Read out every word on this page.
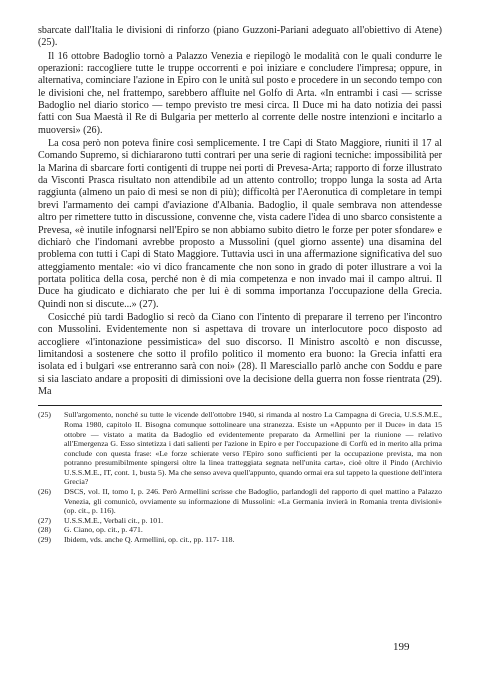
sbarcate dall'Italia le divisioni di rinforzo (piano Guzzoni-Pariani adeguato all'obiettivo di Atene) (25).

Il 16 ottobre Badoglio tornò a Palazzo Venezia e riepilogò le modalità con le quali condurre le operazioni: raccogliere tutte le truppe occorrenti e poi iniziare e concludere l'impresa; oppure, in alternativa, cominciare l'azione in Epiro con le unità sul posto e procedere in un secondo tempo con le divisioni che, nel frattempo, sarebbero affluite nel Golfo di Arta. «In entrambi i casi — scrisse Badoglio nel diario storico — tempo previsto tre mesi circa. Il Duce mi ha dato notizia dei passi fatti con Sua Maestà il Re di Bulgaria per metterlo al corrente delle nostre intenzioni e incitarlo a muoversi» (26).

La cosa però non poteva finire così semplicemente. I tre Capi di Stato Maggiore, riuniti il 17 al Comando Supremo, si dichiararono tutti contrari per una serie di ragioni tecniche: impossibilità per la Marina di sbarcare forti contigenti di truppe nei porti di Prevesa-Arta; rapporto di forze illustrato da Visconti Prasca risultato non attendibile ad un attento controllo; troppo lunga la sosta ad Arta raggiunta (almeno un paio di mesi se non di più); difficoltà per l'Aeronutica di completare in tempi brevi l'armamento dei campi d'aviazione d'Albania. Badoglio, il quale sembrava non attendesse altro per rimettere tutto in discussione, convenne che, vista cadere l'idea di uno sbarco consistente a Prevesa, «è inutile infognarsi nell'Epiro se non abbiamo subito dietro le forze per poter sfondare» e dichiarò che l'indomani avrebbe proposto a Mussolini (quel giorno assente) una disamina del problema con tutti i Capi di Stato Maggiore. Tuttavia uscì in una affermazione significativa del suo atteggiamento mentale: «io vi dico francamente che non sono in grado di poter illustrare a voi la portata politica della cosa, perché non è di mia competenza e non invado mai il campo altrui. Il Duce ha giudicato e dichiarato che per lui è di somma importanza l'occupazione della Grecia. Quindi non si discute...» (27).

Cosicché più tardi Badoglio si recò da Ciano con l'intento di preparare il terreno per l'incontro con Mussolini. Evidentemente non si aspettava di trovare un interlocutore poco disposto ad accogliere «l'intonazione pessimistica» del suo discorso. Il Ministro ascoltò e non discusse, limitandosi a sostenere che sotto il profilo politico il momento era buono: la Grecia infatti era isolata ed i bulgari «se entreranno sarà con noi» (28). Il Maresciallo parlò anche con Soddu e pare si sia lasciato andare a propositi di dimissioni ove la decisione della guerra non fosse rientrata (29). Ma

(25)	Sull'argomento, nonché su tutte le vicende dell'ottobre 1940, si rimanda al nostro La Campagna di Grecia, U.S.S.M.E., Roma 1980, capitolo II. Bisogna comunque sottolineare una stranezza. Esiste un «Appunto per il Duce» in data 15 ottobre — vistato a matita da Badoglio ed evidentemente preparato da Armellini per la riunione — relativo all'Emergenza G. Esso sintetizza i dati salienti per l'azione in Epiro e per l'occupazione di Corfù ed in merito alla prima conclude con questa frase: «Le forze schierate verso l'Epiro sono sufficienti per la occupazione prevista, ma non potranno presumibilmente spingersi oltre la linea tratteggiata segnata nell'unita carta», cioè oltre il Pindo (Archivio U.S.S.M.E., IT, cont. 1, busta 5). Ma che senso aveva quell'appunto, quando ormai era sul tappeto la questione dell'intera Grecia?
(26)	DSCS, vol. II, tomo I, p. 246. Però Armellini scrisse che Badoglio, parlandogli del rapporto di quel mattino a Palazzo Venezia, gli comunicò, ovviamente su informazione di Mussolini: «La Germania invierà in Romania trenta divisioni» (op. cit., p. 116).
(27)	U.S.S.M.E., Verbali cit., p. 101.
(28)	G. Ciano, op. cit., p. 471.
(29)	Ibidem, vds. anche Q. Armellini, op. cit., pp. 117- 118.
199
